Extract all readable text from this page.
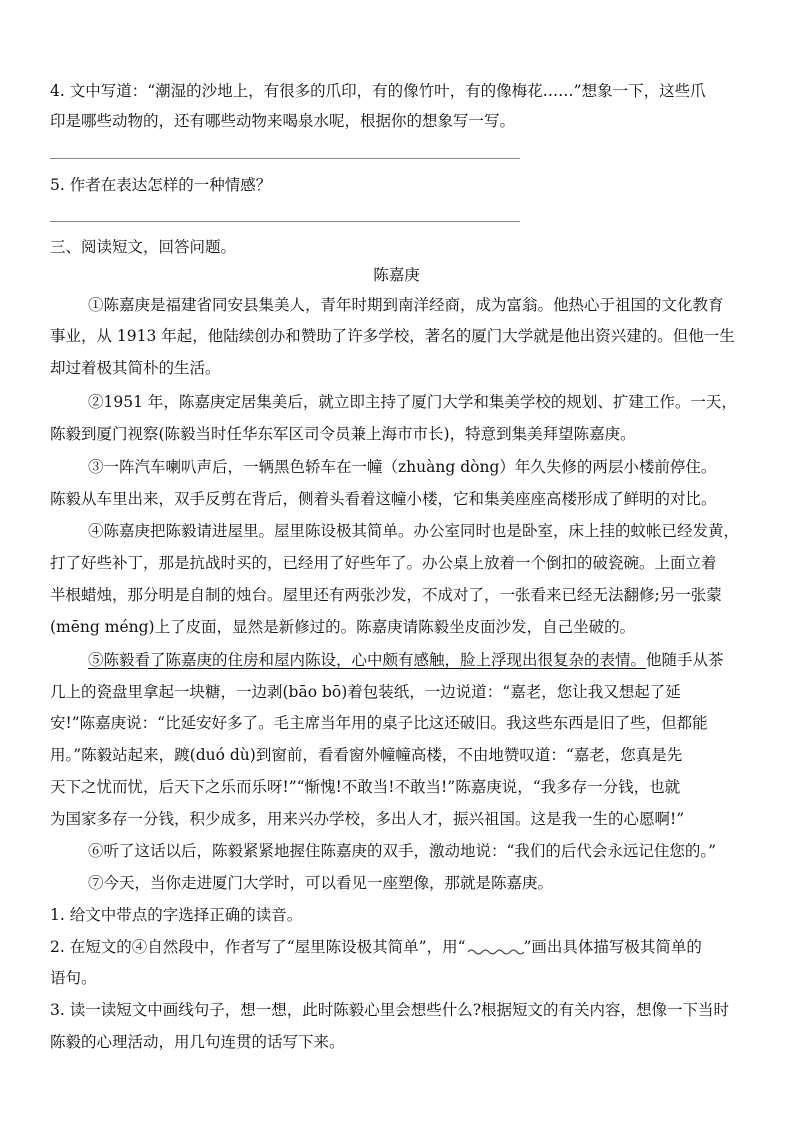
4. 文中写道：“潮湿的沙地上，有很多的爪印，有的像竹叶，有的像梅花……”想象一下，这些爪
印是哪些动物的，还有哪些动物来喝泉水呢，根据你的想象写一写。
5. 作者在表达怎样的一种情感？
三、阅读短文，回答问题。
陈嘉庚
①陈嘉庚是福建省同安县集美人，青年时期到南洋经商，成为富翁。他热心于祖国的文化教育
事业，从 1913 年起，他陆续创办和赞助了许多学校，著名的厦门大学就是他出资兴建的。但他一生
却过着极其简朴的生活。
②1951 年，陈嘉庚定居集美后，就立即主持了厦门大学和集美学校的规划、扩建工作。一天，
陈毅到厦门视察(陈毅当时任华东军区司令员兼上海市市长)，特意到集美拜望陈嘉庚。
③一阵汽车喇叭声后，一辆黑色轿车在一幢（zhuàng dòng）年久失修的两层小楼前停住。
陈毅从车里出来，双手反剪在背后，侧着头看着这幢小楼，它和集美座座高楼形成了鲜明的对比。
④陈嘉庚把陈毅请进屋里。屋里陈设极其简单。办公室同时也是卧室，床上挂的蚊帐已经发黄，
打了好些补丁，那是抗战时买的，已经用了好些年了。办公桌上放着一个倒扣的破瓷碗。上面立着
半根蜡烛，那分明是自制的烛台。屋里还有两张沙发，不成对了，一张看来已经无法翻修;另一张蒙
(mēng méng)上了皮面，显然是新修过的。陈嘉庚请陈毅坐皮面沙发，自己坐破的。
⑤陈毅看了陈嘉庚的住房和屋内陈设，心中颇有感触，脸上浮现出很复杂的表情。他随手从茶
几上的瓷盘里拿起一块糖，一边剥(bāo bō)着包装纸，一边说道：“嘉老，您让我又想起了延
安!”陈嘉庚说：“比延安好多了。毛主席当年用的桌子比这还破旧。我这些东西是旧了些，但都能
用。”陈毅站起来，踱(duó dù)到窗前，看看窗外幢幢高楼，不由地赞叹道：“嘉老，您真是先
天下之忧而忧，后天下之乐而乐呀!”“惭愧!不敢当!不敢当!”陈嘉庚说，“我多存一分钱，也就
为国家多存一分钱，积少成多，用来兴办学校，多出人才，振兴祖国。这是我一生的心愿啊!”
⑥听了这话以后，陈毅紧紧地握住陈嘉庚的双手，激动地说：“我们的后代会永远记住您的。”
⑦今天，当你走进厦门大学时，可以看见一座塑像，那就是陈嘉庚。
1. 给文中带点的字选择正确的读音。
2. 在短文的④自然段中，作者写了“屋里陈设极其简单”，用“	”画出具体描写极其简单的
语句。
3. 读一读短文中画线句子，想一想，此时陈毅心里会想些什么?根据短文的有关内容，想像一下当时
陈毅的心理活动，用几句连贯的话写下来。
